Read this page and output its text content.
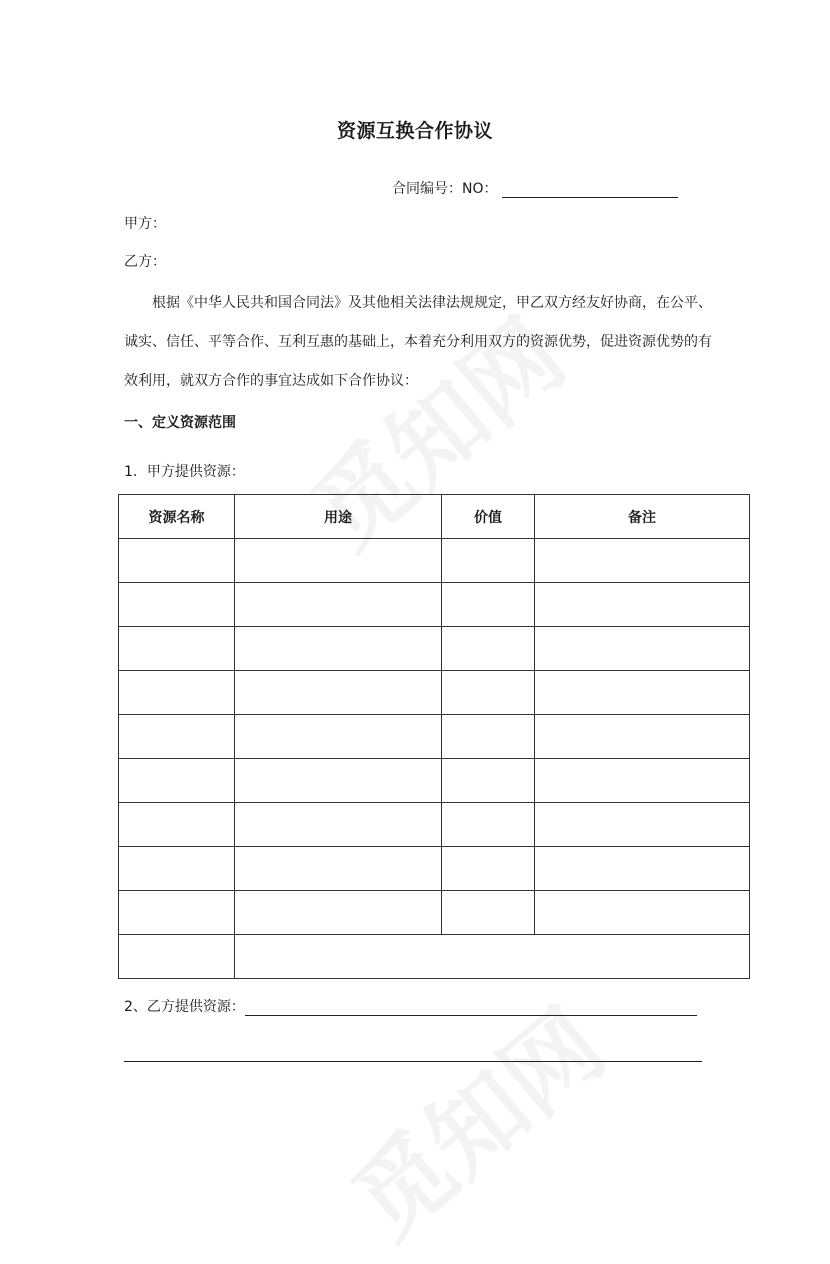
资源互换合作协议
合同编号：NO：
甲方：
乙方：
根据《中华人民共和国合同法》及其他相关法律法规规定，甲乙双方经友好协商，在公平、诚实、信任、平等合作、互利互惠的基础上，本着充分利用双方的资源优势，促进资源优势的有效利用，就双方合作的事宜达成如下合作协议：
一、定义资源范围
1．甲方提供资源：
资源名称	用途	价值	备注

2、乙方提供资源：
